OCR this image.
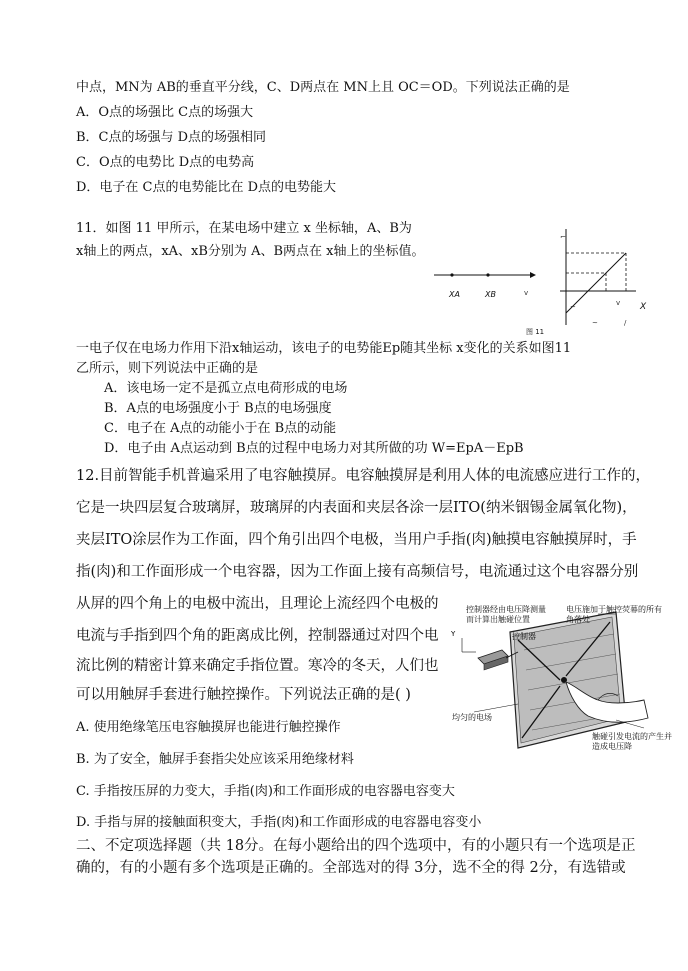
中点，MN为 AB的垂直平分线，C、D两点在 MN上且 OC＝OD。下列说法正确的是
A．O点的场强比 C点的场强大
B．C点的场强与 D点的场强相同
C．O点的电势比 D点的电势高
D．电子在 C点的电势能比在 D点的电势能大
11．如图 11 甲所示，在某电场中建立 x 坐标轴，A、B为
x轴上的两点，xA、xB分别为 A、B两点在 x轴上的坐标值。
v
⌐
v
~
~	/
XA	XB
X
图 11
一电子仅在电场力作用下沿x轴运动，该电子的电势能Ep随其坐标 x变化的关系如图11
乙所示，则下列说法中正确的是
A．该电场一定不是孤立点电荷形成的电场
B．A点的电场强度小于 B点的电场强度
C．电子在 A点的动能小于在 B点的动能
D．电子由 A点运动到 B点的过程中电场力对其所做的功 W=EpA－EpB
12.目前智能手机普遍采用了电容触摸屏。电容触摸屏是利用人体的电流感应进行工作的，
它是一块四层复合玻璃屏，玻璃屏的内表面和夹层各涂一层ITO(纳米铟锡金属氧化物)，
夹层ITO涂层作为工作面，四个角引出四个电极，当用户手指(肉)触摸电容触摸屏时，手
指(肉)和工作面形成一个电容器，因为工作面上接有高频信号，电流通过这个电容器分别
从屏的四个角上的电极中流出，且理论上流经四个电极的
电流与手指到四个角的距离成比例，控制器通过对四个电
流比例的精密计算来确定手指位置。寒冷的冬天，人们也
可以用触屏手套进行触控操作。下列说法正确的是( )
Y
控制器经由电压降测量而计算出触碰位置
控制器
电压施加于触控荧幕的所有角落处
均匀的电场
触碰引发电流的产生并造成电压降
A. 使用绝缘笔压电容触摸屏也能进行触控操作
B. 为了安全，触屏手套指尖处应该采用绝缘材料
C. 手指按压屏的力变大，手指(肉)和工作面形成的电容器电容变大
D. 手指与屏的接触面积变大，手指(肉)和工作面形成的电容器电容变小
二、不定项选择题（共 18分。在每小题给出的四个选项中，有的小题只有一个选项是正
确的，有的小题有多个选项是正确的。全部选对的得 3分，选不全的得 2分，有选错或
